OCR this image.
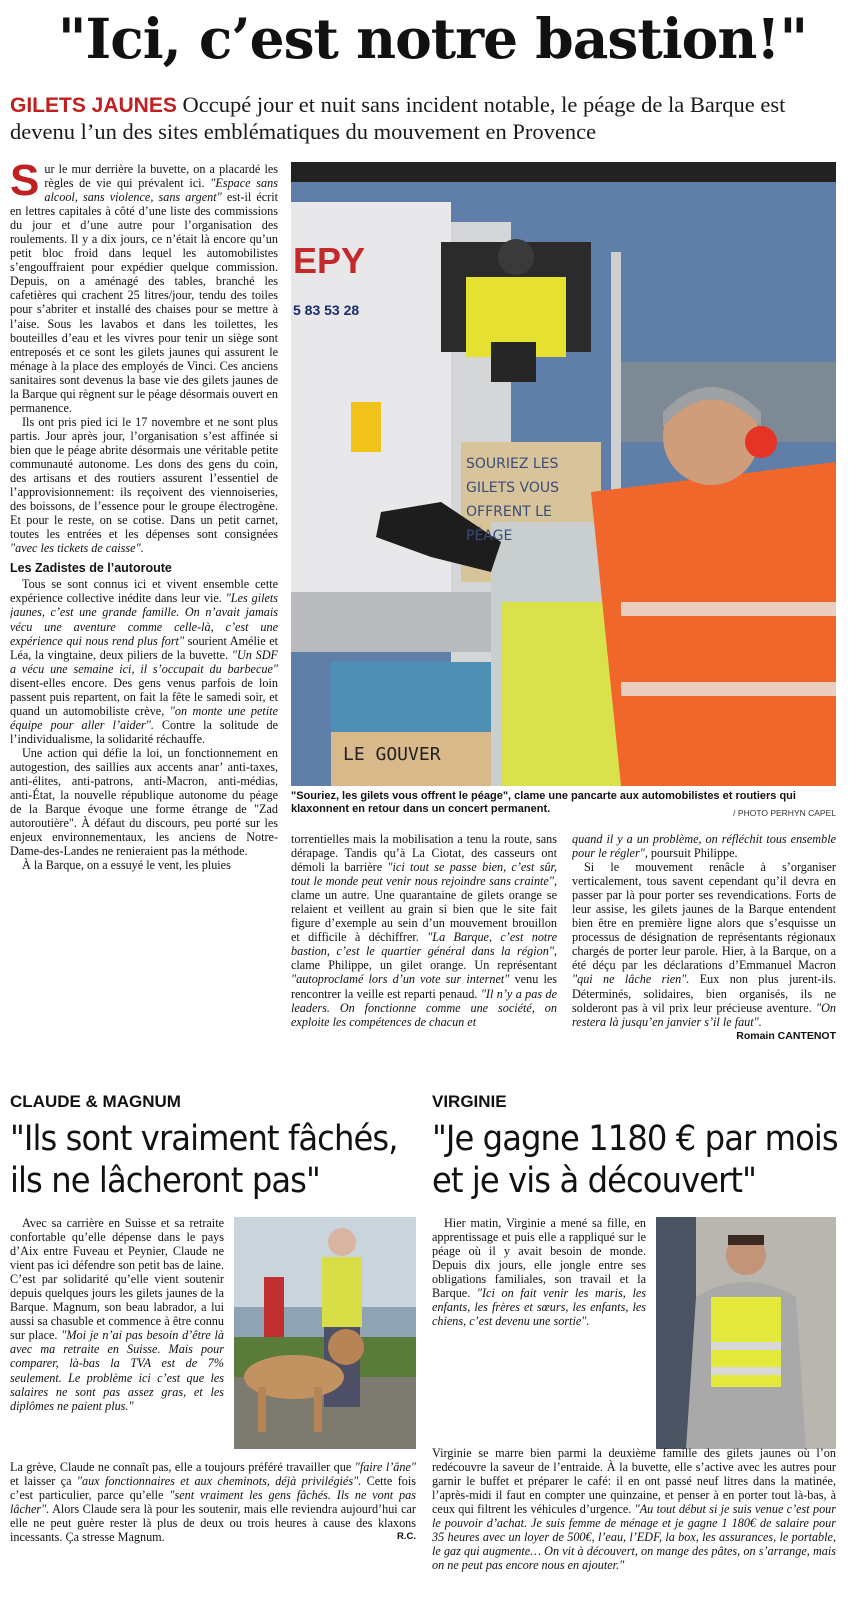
"Ici, c’est notre bastion!"
GILETS JAUNES Occupé jour et nuit sans incident notable, le péage de la Barque est devenu l’un des sites emblématiques du mouvement en Provence

Sur le mur derrière la buvette, on a placardé les règles de vie qui prévalent ici. "Espace sans alcool, sans violence, sans argent" est-il écrit en lettres capitales à côté d’une liste des commissions du jour et d’une autre pour l’organisation des roulements. Il y a dix jours, ce n’était là encore qu’un petit bloc froid dans lequel les automobilistes s’engouffraient pour expédier quelque commission. Depuis, on a aménagé des tables, branché les cafetières qui crachent 25 litres/jour, tendu des toiles pour s’abriter et installé des chaises pour se mettre à l’aise. Sous les lavabos et dans les toilettes, les bouteilles d’eau et les vivres pour tenir un siège sont entreposés et ce sont les gilets jaunes qui assurent le ménage à la place des employés de Vinci. Ces anciens sanitaires sont devenus la base vie des gilets jaunes de la Barque qui règnent sur le péage désormais ouvert en permanence.

Ils ont pris pied ici le 17 novembre et ne sont plus partis. Jour après jour, l’organisation s’est affinée si bien que le péage abrite désormais une véritable petite communauté autonome. Les dons des gens du coin, des artisans et des routiers assurent l’essentiel de l’approvisionnement: ils reçoivent des viennoiseries, des boissons, de l’essence pour le groupe électrogène. Et pour le reste, on se cotise. Dans un petit carnet, toutes les entrées et les dépenses sont consignées "avec les tickets de caisse".

Les Zadistes de l’autoroute

Tous se sont connus ici et vivent ensemble cette expérience collective inédite dans leur vie. "Les gilets jaunes, c’est une grande famille. On n’avait jamais vécu une aventure comme celle-là, c’est une expérience qui nous rend plus fort" sourient Amélie et Léa, la vingtaine, deux piliers de la buvette. "Un SDF a vécu une semaine ici, il s’occupait du barbecue" disent-elles encore. Des gens venus parfois de loin passent puis repartent, on fait la fête le samedi soir, et quand un automobiliste crève, "on monte une petite équipe pour aller l’aider". Contre la solitude de l’individualisme, la solidarité réchauffe.

Une action qui défie la loi, un fonctionnement en autogestion, des saillies aux accents anar’ anti-taxes, anti-élites, anti-patrons, anti-Macron, anti-médias, anti-État, la nouvelle république autonome du péage de la Barque évoque une forme étrange de "Zad autoroutière". À défaut du discours, peu porté sur les enjeux environnementaux, les anciens de Notre-Dame-des-Landes ne renieraient pas la méthode.

À la Barque, on a essuyé le vent, les pluies

EPY
5 83 53 28
SOURIEZ LES GILETS VOUS OFFRENT LE PÉAGE
LE GOUVER
"Souriez, les gilets vous offrent le péage", clame une pancarte aux automobilistes et routiers qui klaxonnent en retour dans un concert permanent.	/ PHOTO PERHYN CAPEL

torrentielles mais la mobilisation a tenu la route, sans dérapage. Tandis qu’à La Ciotat, des casseurs ont démoli la barrière "ici tout se passe bien, c’est sûr, tout le monde peut venir nous rejoindre sans crainte", clame un autre. Une quarantaine de gilets orange se relaient et veillent au grain si bien que le site fait figure d’exemple au sein d’un mouvement brouillon et difficile à déchiffrer. "La Barque, c’est notre bastion, c’est le quartier général dans la région", clame Philippe, un gilet orange. Un représentant "autoproclamé lors d’un vote sur internet" venu les rencontrer la veille est reparti penaud. "Il n’y a pas de leaders. On fonctionne comme une société, on exploite les compétences de chacun et

quand il y a un problème, on réfléchit tous ensemble pour le régler", poursuit Philippe.

Si le mouvement renâcle à s’organiser verticalement, tous savent cependant qu’il devra en passer par là pour porter ses revendications. Forts de leur assise, les gilets jaunes de la Barque entendent bien être en première ligne alors que s’esquisse un processus de désignation de représentants régionaux chargés de porter leur parole. Hier, à la Barque, on a été déçu par les déclarations d’Emmanuel Macron "qui ne lâche rien". Eux non plus jurent-ils. Déterminés, solidaires, bien organisés, ils ne solderont pas à vil prix leur précieuse aventure. "On restera là jusqu’en janvier s’il le faut".
Romain CANTENOT

CLAUDE & MAGNUM
"Ils sont vraiment fâchés,
ils ne lâcheront pas"

Avec sa carrière en Suisse et sa retraite confortable qu’elle dépense dans le pays d’Aix entre Fuveau et Peynier, Claude ne vient pas ici défendre son petit bas de laine. C’est par solidarité qu’elle vient soutenir depuis quelques jours les gilets jaunes de la Barque. Magnum, son beau labrador, a lui aussi sa chasuble et commence à être connu sur place. "Moi je n’ai pas besoin d’être là avec ma retraite en Suisse. Mais pour comparer, là-bas la TVA est de 7% seulement. Le problème ici c’est que les salaires ne sont pas assez gras, et les diplômes ne paient plus."

La grève, Claude ne connaît pas, elle a toujours préféré travailler que "faire l’âne" et laisser ça "aux fonctionnaires et aux cheminots, déjà privilégiés". Cette fois c’est particulier, parce qu’elle "sent vraiment les gens fâchés. Ils ne vont pas lâcher". Alors Claude sera là pour les soutenir, mais elle reviendra aujourd’hui car elle ne peut guère rester là plus de deux ou trois heures à cause des klaxons incessants. Ça stresse Magnum.	R.C.

VIRGINIE
"Je gagne 1180 € par mois
et je vis à découvert"

Hier matin, Virginie a mené sa fille, en apprentissage et puis elle a rappliqué sur le péage où il y avait besoin de monde. Depuis dix jours, elle jongle entre ses obligations familiales, son travail et la Barque. "Ici on fait venir les maris, les enfants, les frères et sœurs, les enfants, les chiens, c’est devenu une sortie".

Virginie se marre bien parmi la deuxième famille des gilets jaunes où l’on redécouvre la saveur de l’entraide. À la buvette, elle s’active avec les autres pour garnir le buffet et préparer le café: il en ont passé neuf litres dans la matinée, l’après-midi il faut en compter une quinzaine, et penser à en porter tout là-bas, à ceux qui filtrent les véhicules d’urgence. "Au tout début si je suis venue c’est pour le pouvoir d’achat. Je suis femme de ménage et je gagne 1 180€ de salaire pour 35 heures avec un loyer de 500€, l’eau, l’EDF, la box, les assurances, le portable, le gaz qui augmente… On vit à découvert, on mange des pâtes, on s’arrange, mais on ne peut pas encore nous en ajouter."
